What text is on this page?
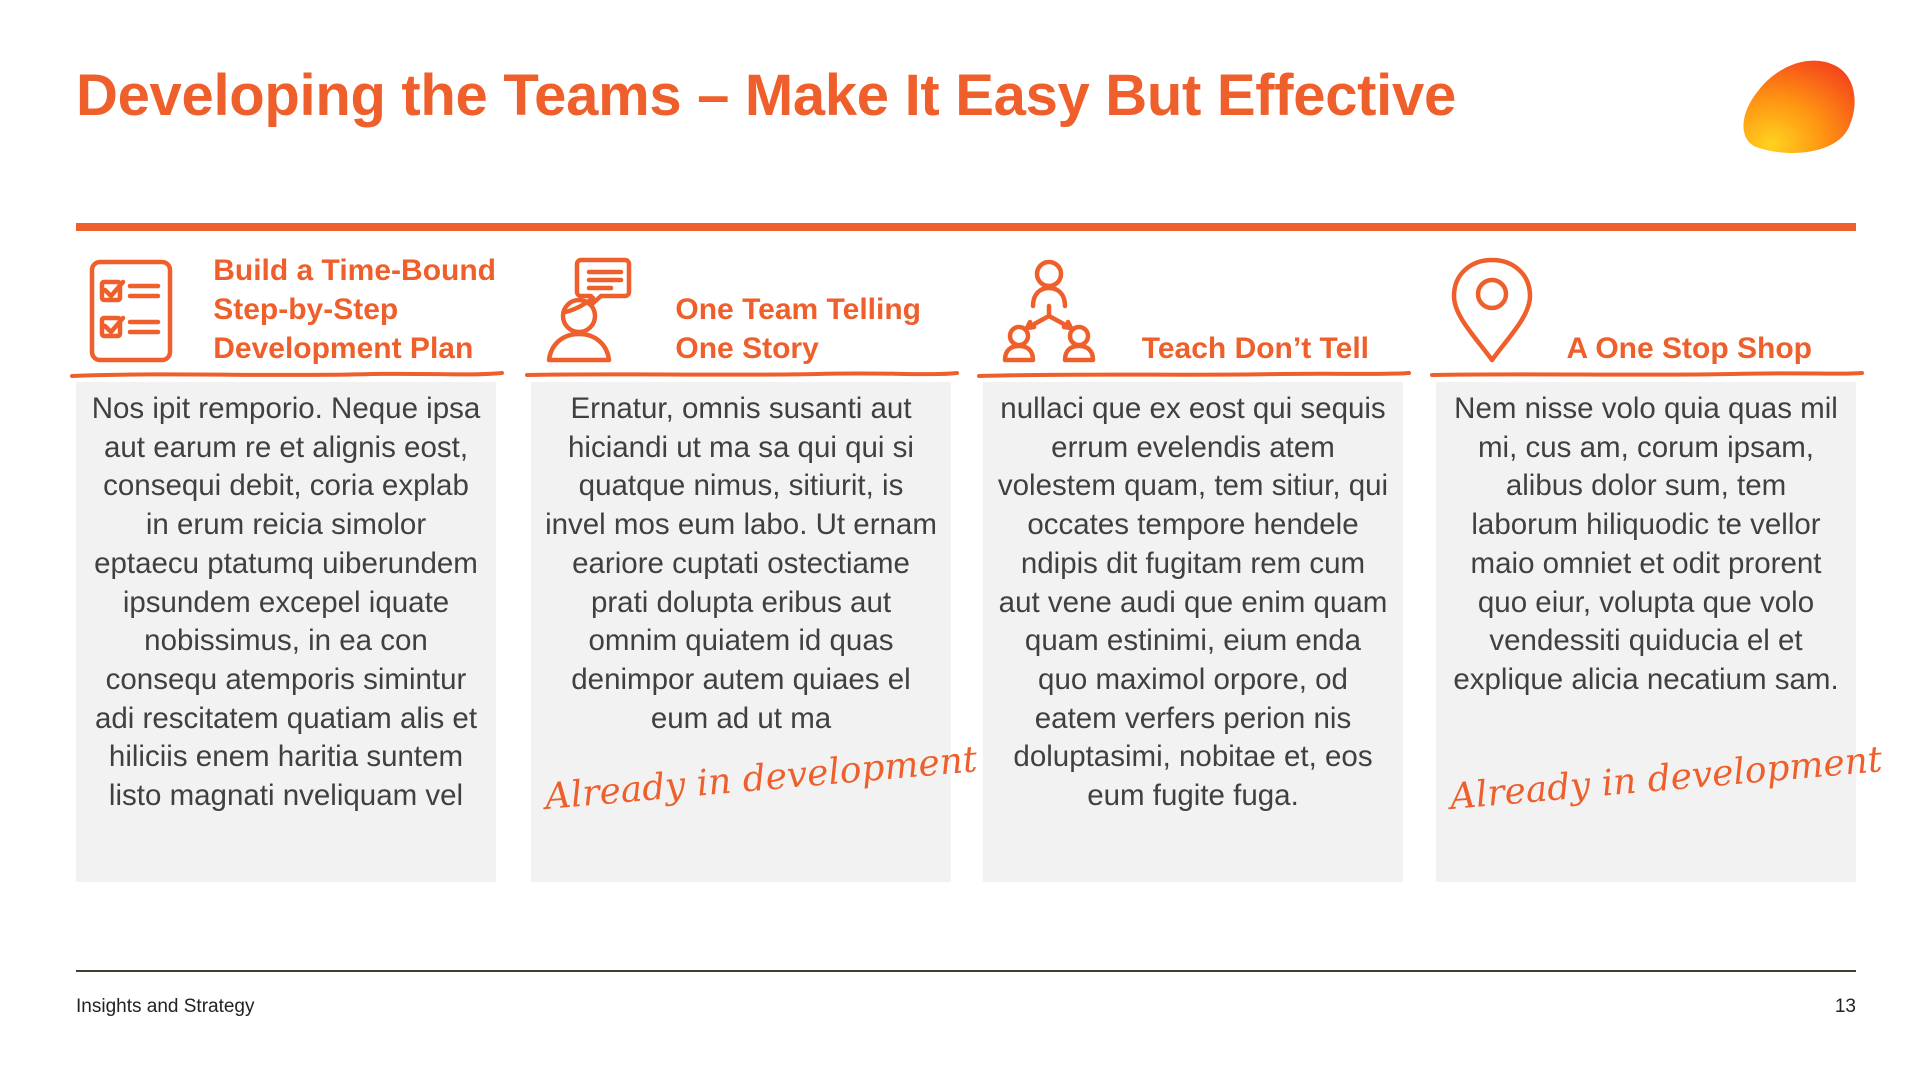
Developing the Teams – Make It Easy But Effective
Build a Time-Bound
Step-by-Step
Development Plan
Nos ipit remporio. Neque ipsa aut earum re et alignis eost, consequi debit, coria explab in erum reicia simolor eptaecu ptatumq uiberundem ipsundem excepel iquate nobissimus, in ea con consequ atemporis simintur adi rescitatem quatiam alis et hiliciis enem haritia suntem listo magnati nveliquam vel
One Team Telling
One Story
Ernatur, omnis susanti aut hiciandi ut ma sa qui qui si quatque nimus, sitiurit, is invel mos eum labo. Ut ernam eariore cuptati ostectiame prati dolupta eribus aut omnim quiatem id quas denimpor autem quiaes el eum ad ut ma
Already in development
Teach Don’t Tell
nullaci que ex eost qui sequis errum evelendis atem volestem quam, tem sitiur, qui occates tempore hendele ndipis dit fugitam rem cum aut vene audi que enim quam quam estinimi, eium enda quo maximol orpore, od eatem verfers perion nis doluptasimi, nobitae et, eos eum fugite fuga.
A One Stop Shop
Nem nisse volo quia quas mil mi, cus am, corum ipsam, alibus dolor sum, tem laborum hiliquodic te vellor maio omniet et odit prorent quo eiur, volupta que volo vendessiti quiducia el et explique alicia necatium sam.
Already in development
Insights and Strategy	13
